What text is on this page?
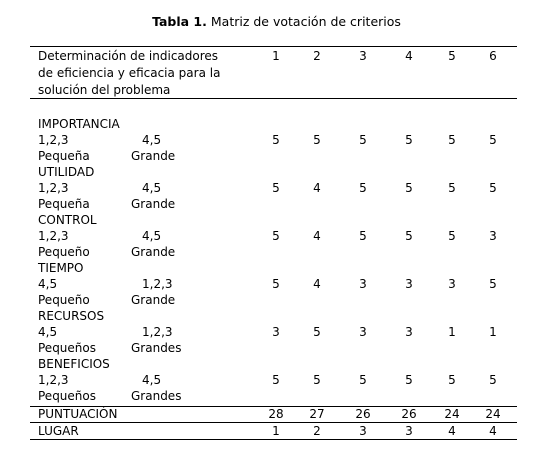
Tabla 1. Matriz de votación de criterios
Determinación de indicadores
de eficiencia y eficacia para la
solución del problema
1	2	3	4	5	6
IMPORTANCIA
1,2,3	4,5
Pequeña	Grande
5	5	5	5	5	5
UTILIDAD
1,2,3	4,5
Pequeña	Grande
5	4	5	5	5	5
CONTROL
1,2,3	4,5
Pequeño	Grande
5	4	5	5	5	3
TIEMPO
4,5	1,2,3
Pequeño	Grande
5	4	3	3	3	5
RECURSOS
4,5	1,2,3
Pequeños	Grandes
3	5	3	3	1	1
BENEFICIOS
1,2,3	4,5
Pequeños	Grandes
5	5	5	5	5	5
PUNTUACIÓN	28	27	26	26	24	24
LUGAR	1	2	3	3	4	4
